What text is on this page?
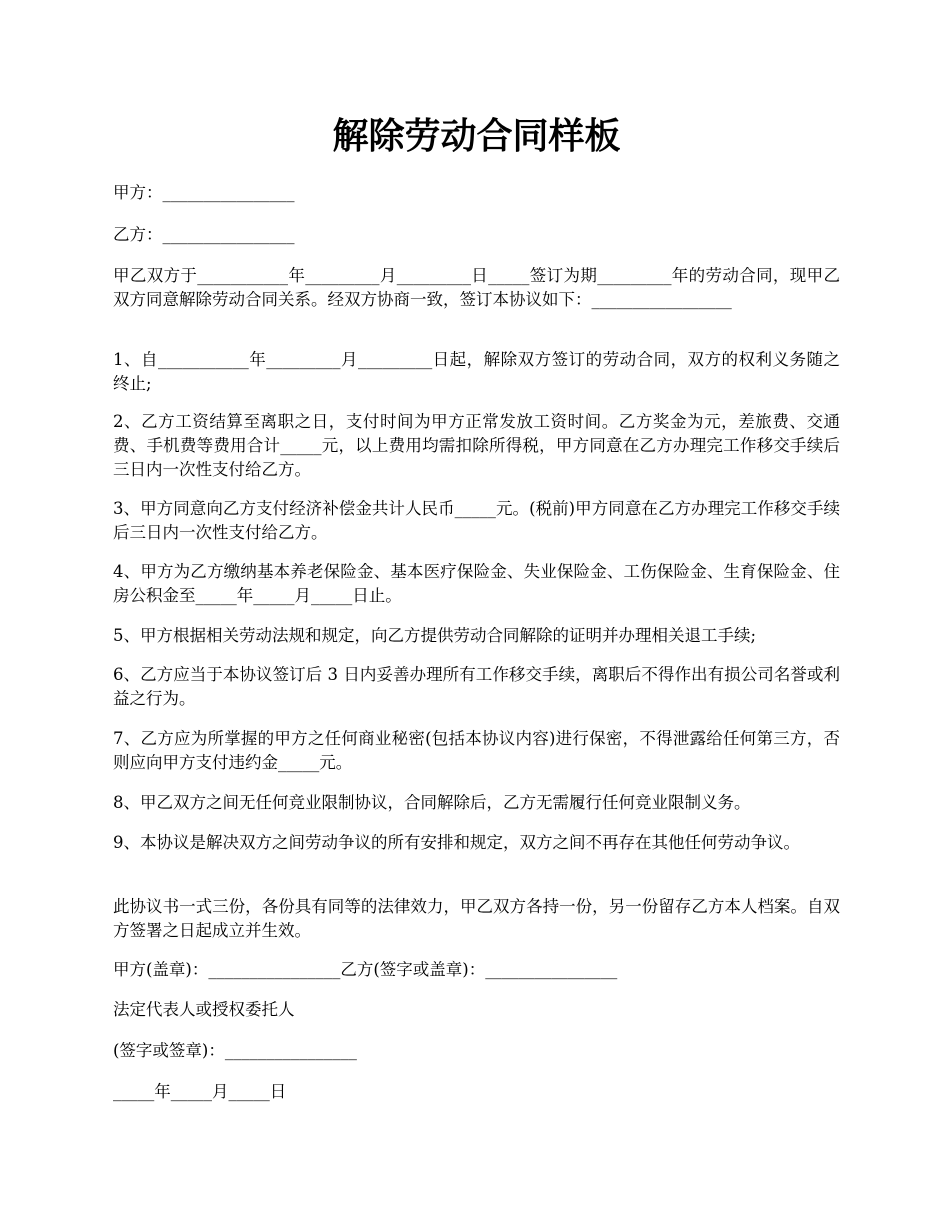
解除劳动合同样板

甲方：________________

乙方：________________

甲乙双方于___________年_________月_________日_____签订为期_________年的劳动合同，现甲乙双方同意解除劳动合同关系。经双方协商一致，签订本协议如下：_________________

1、自___________年_________月_________日起，解除双方签订的劳动合同，双方的权利义务随之终止;

2、乙方工资结算至离职之日，支付时间为甲方正常发放工资时间。乙方奖金为元，差旅费、交通费、手机费等费用合计_____元，以上费用均需扣除所得税，甲方同意在乙方办理完工作移交手续后三日内一次性支付给乙方。

3、甲方同意向乙方支付经济补偿金共计人民币_____元。(税前)甲方同意在乙方办理完工作移交手续后三日内一次性支付给乙方。

4、甲方为乙方缴纳基本养老保险金、基本医疗保险金、失业保险金、工伤保险金、生育保险金、住房公积金至_____年_____月_____日止。

5、甲方根据相关劳动法规和规定，向乙方提供劳动合同解除的证明并办理相关退工手续;

6、乙方应当于本协议签订后 3 日内妥善办理所有工作移交手续，离职后不得作出有损公司名誉或利益之行为。

7、乙方应为所掌握的甲方之任何商业秘密(包括本协议内容)进行保密，不得泄露给任何第三方，否则应向甲方支付违约金_____元。

8、甲乙双方之间无任何竞业限制协议，合同解除后，乙方无需履行任何竞业限制义务。

9、本协议是解决双方之间劳动争议的所有安排和规定，双方之间不再存在其他任何劳动争议。

此协议书一式三份，各份具有同等的法律效力，甲乙双方各持一份，另一份留存乙方本人档案。自双方签署之日起成立并生效。

甲方(盖章)：________________乙方(签字或盖章)：________________

法定代表人或授权委托人

(签字或签章)：________________

_____年_____月_____日
